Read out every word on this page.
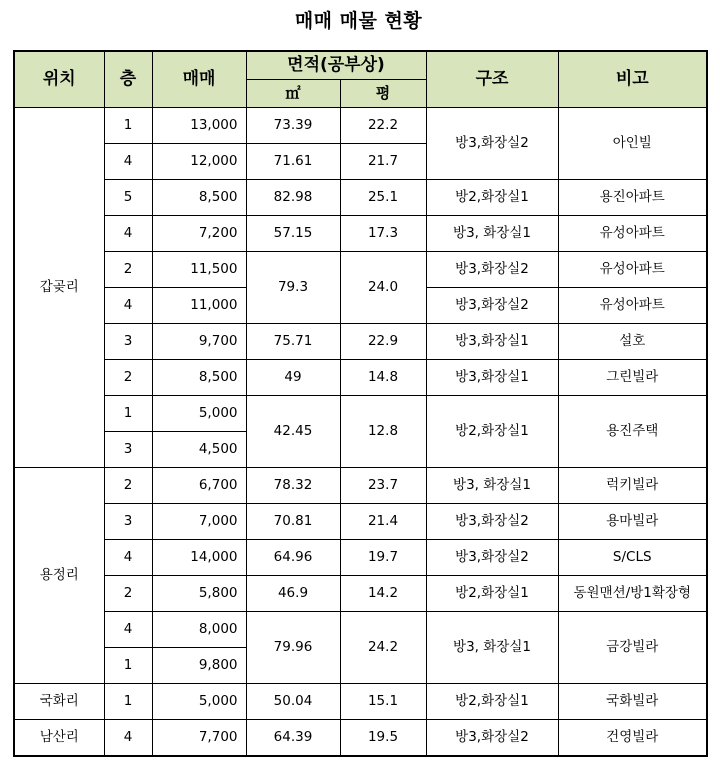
매매 매물 현황
위치	층	매매	면적(공부상)		구조	비고
			㎡	평		
갑곶리	1	13,000	73.39	22.2	방3,화장실2	아인빌
	4	12,000	71.61	21.7		
	5	8,500	82.98	25.1	방2,화장실1	용진아파트
	4	7,200	57.15	17.3	방3, 화장실1	유성아파트
	2	11,500	79.3	24.0	방3,화장실2	유성아파트
	4	11,000			방3,화장실2	유성아파트
	3	9,700	75.71	22.9	방3,화장실1	설호
	2	8,500	49	14.8	방3,화장실1	그린빌라
	1	5,000	42.45	12.8	방2,화장실1	용진주택
	3	4,500				
용정리	2	6,700	78.32	23.7	방3, 화장실1	럭키빌라
	3	7,000	70.81	21.4	방3,화장실2	용마빌라
	4	14,000	64.96	19.7	방3,화장실2	S/CLS
	2	5,800	46.9	14.2	방2,화장실1	동원맨션/방1확장형
	4	8,000	79.96	24.2	방3, 화장실1	금강빌라
	1	9,800				
국화리	1	5,000	50.04	15.1	방2,화장실1	국화빌라
남산리	4	7,700	64.39	19.5	방3,화장실2	건영빌라
